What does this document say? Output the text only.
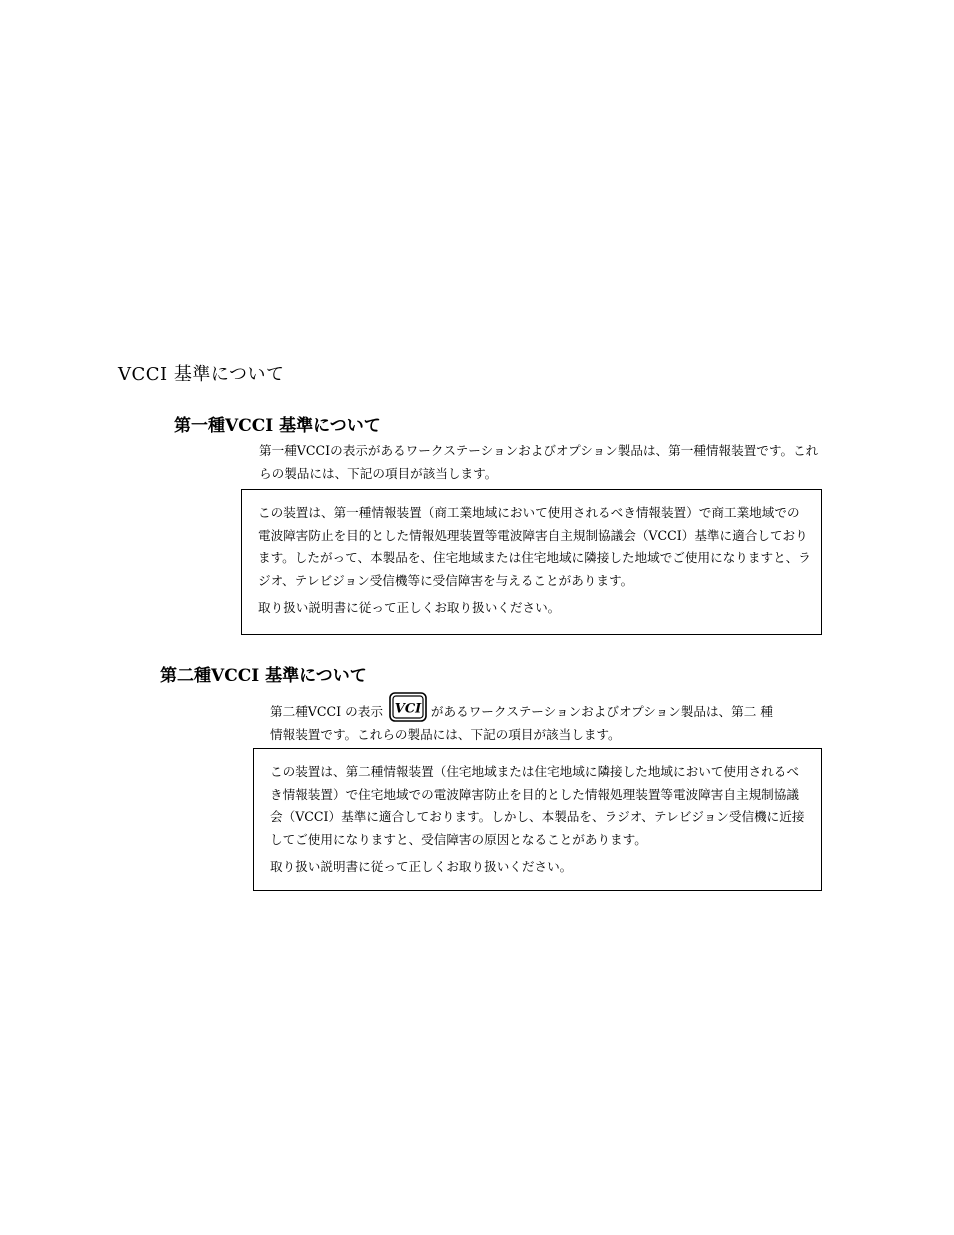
VCCI 基準について
第一種VCCI 基準について

第一種VCCIの表示があるワークステーションおよびオプション製品は、第一種情報装置です。これらの製品には、下記の項目が該当します。

この装置は、第一種情報装置（商工業地域において使用されるべき情報装置）で商工業地域での電波障害防止を目的とした情報処理装置等電波障害自主規制協議会（VCCI）基準に適合しております。したがって、本製品を、住宅地域または住宅地域に隣接した地域でご使用になりますと、ラジオ、テレビジョン受信機等に受信障害を与えることがあります。

取り扱い説明書に従って正しくお取り扱いください。

第二種VCCI 基準について
第二種VCCI の表示 VCI があるワークステーションおよびオプション製品は、第二 種
情報装置です。これらの製品には、下記の項目が該当します。

この装置は、第二種情報装置（住宅地域または住宅地域に隣接した地域において使用されるべき情報装置）で住宅地域での電波障害防止を目的とした情報処理装置等電波障害自主規制協議会（VCCI）基準に適合しております。しかし、本製品を、ラジオ、テレビジョン受信機に近接してご使用になりますと、受信障害の原因となることがあります。

取り扱い説明書に従って正しくお取り扱いください。
